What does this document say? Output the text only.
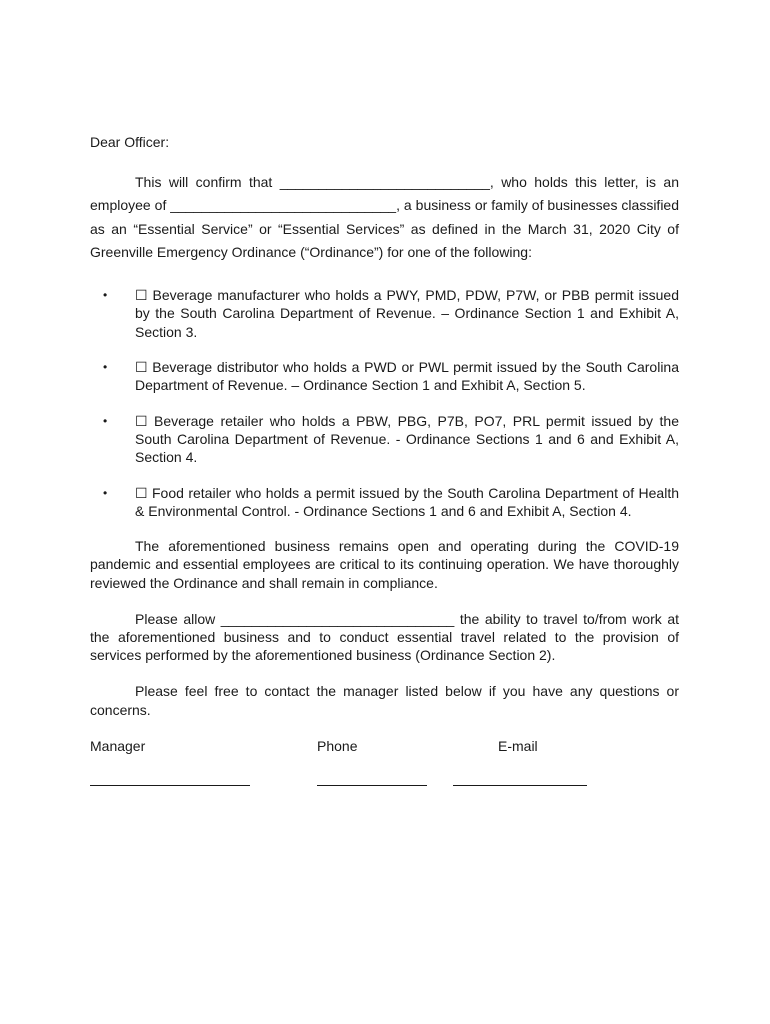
Dear Officer:

This will confirm that ___________________________, who holds this letter, is an employee of _____________________________, a business or family of businesses classified as an “Essential Service” or “Essential Services” as defined in the March 31, 2020 City of Greenville Emergency Ordinance (“Ordinance”) for one of the following:

• ☐ Beverage manufacturer who holds a PWY, PMD, PDW, P7W, or PBB permit issued by the South Carolina Department of Revenue. – Ordinance Section 1 and Exhibit A, Section 3.
• ☐ Beverage distributor who holds a PWD or PWL permit issued by the South Carolina Department of Revenue. – Ordinance Section 1 and Exhibit A, Section 5.
• ☐ Beverage retailer who holds a PBW, PBG, P7B, PO7, PRL permit issued by the South Carolina Department of Revenue. - Ordinance Sections 1 and 6 and Exhibit A, Section 4.
• ☐ Food retailer who holds a permit issued by the South Carolina Department of Health & Environmental Control. - Ordinance Sections 1 and 6 and Exhibit A, Section 4.

The aforementioned business remains open and operating during the COVID-19 pandemic and essential employees are critical to its continuing operation. We have thoroughly reviewed the Ordinance and shall remain in compliance.

Please allow ______________________________ the ability to travel to/from work at the aforementioned business and to conduct essential travel related to the provision of services performed by the aforementioned business (Ordinance Section 2).

Please feel free to contact the manager listed below if you have any questions or concerns.

Manager	Phone	E-mail
